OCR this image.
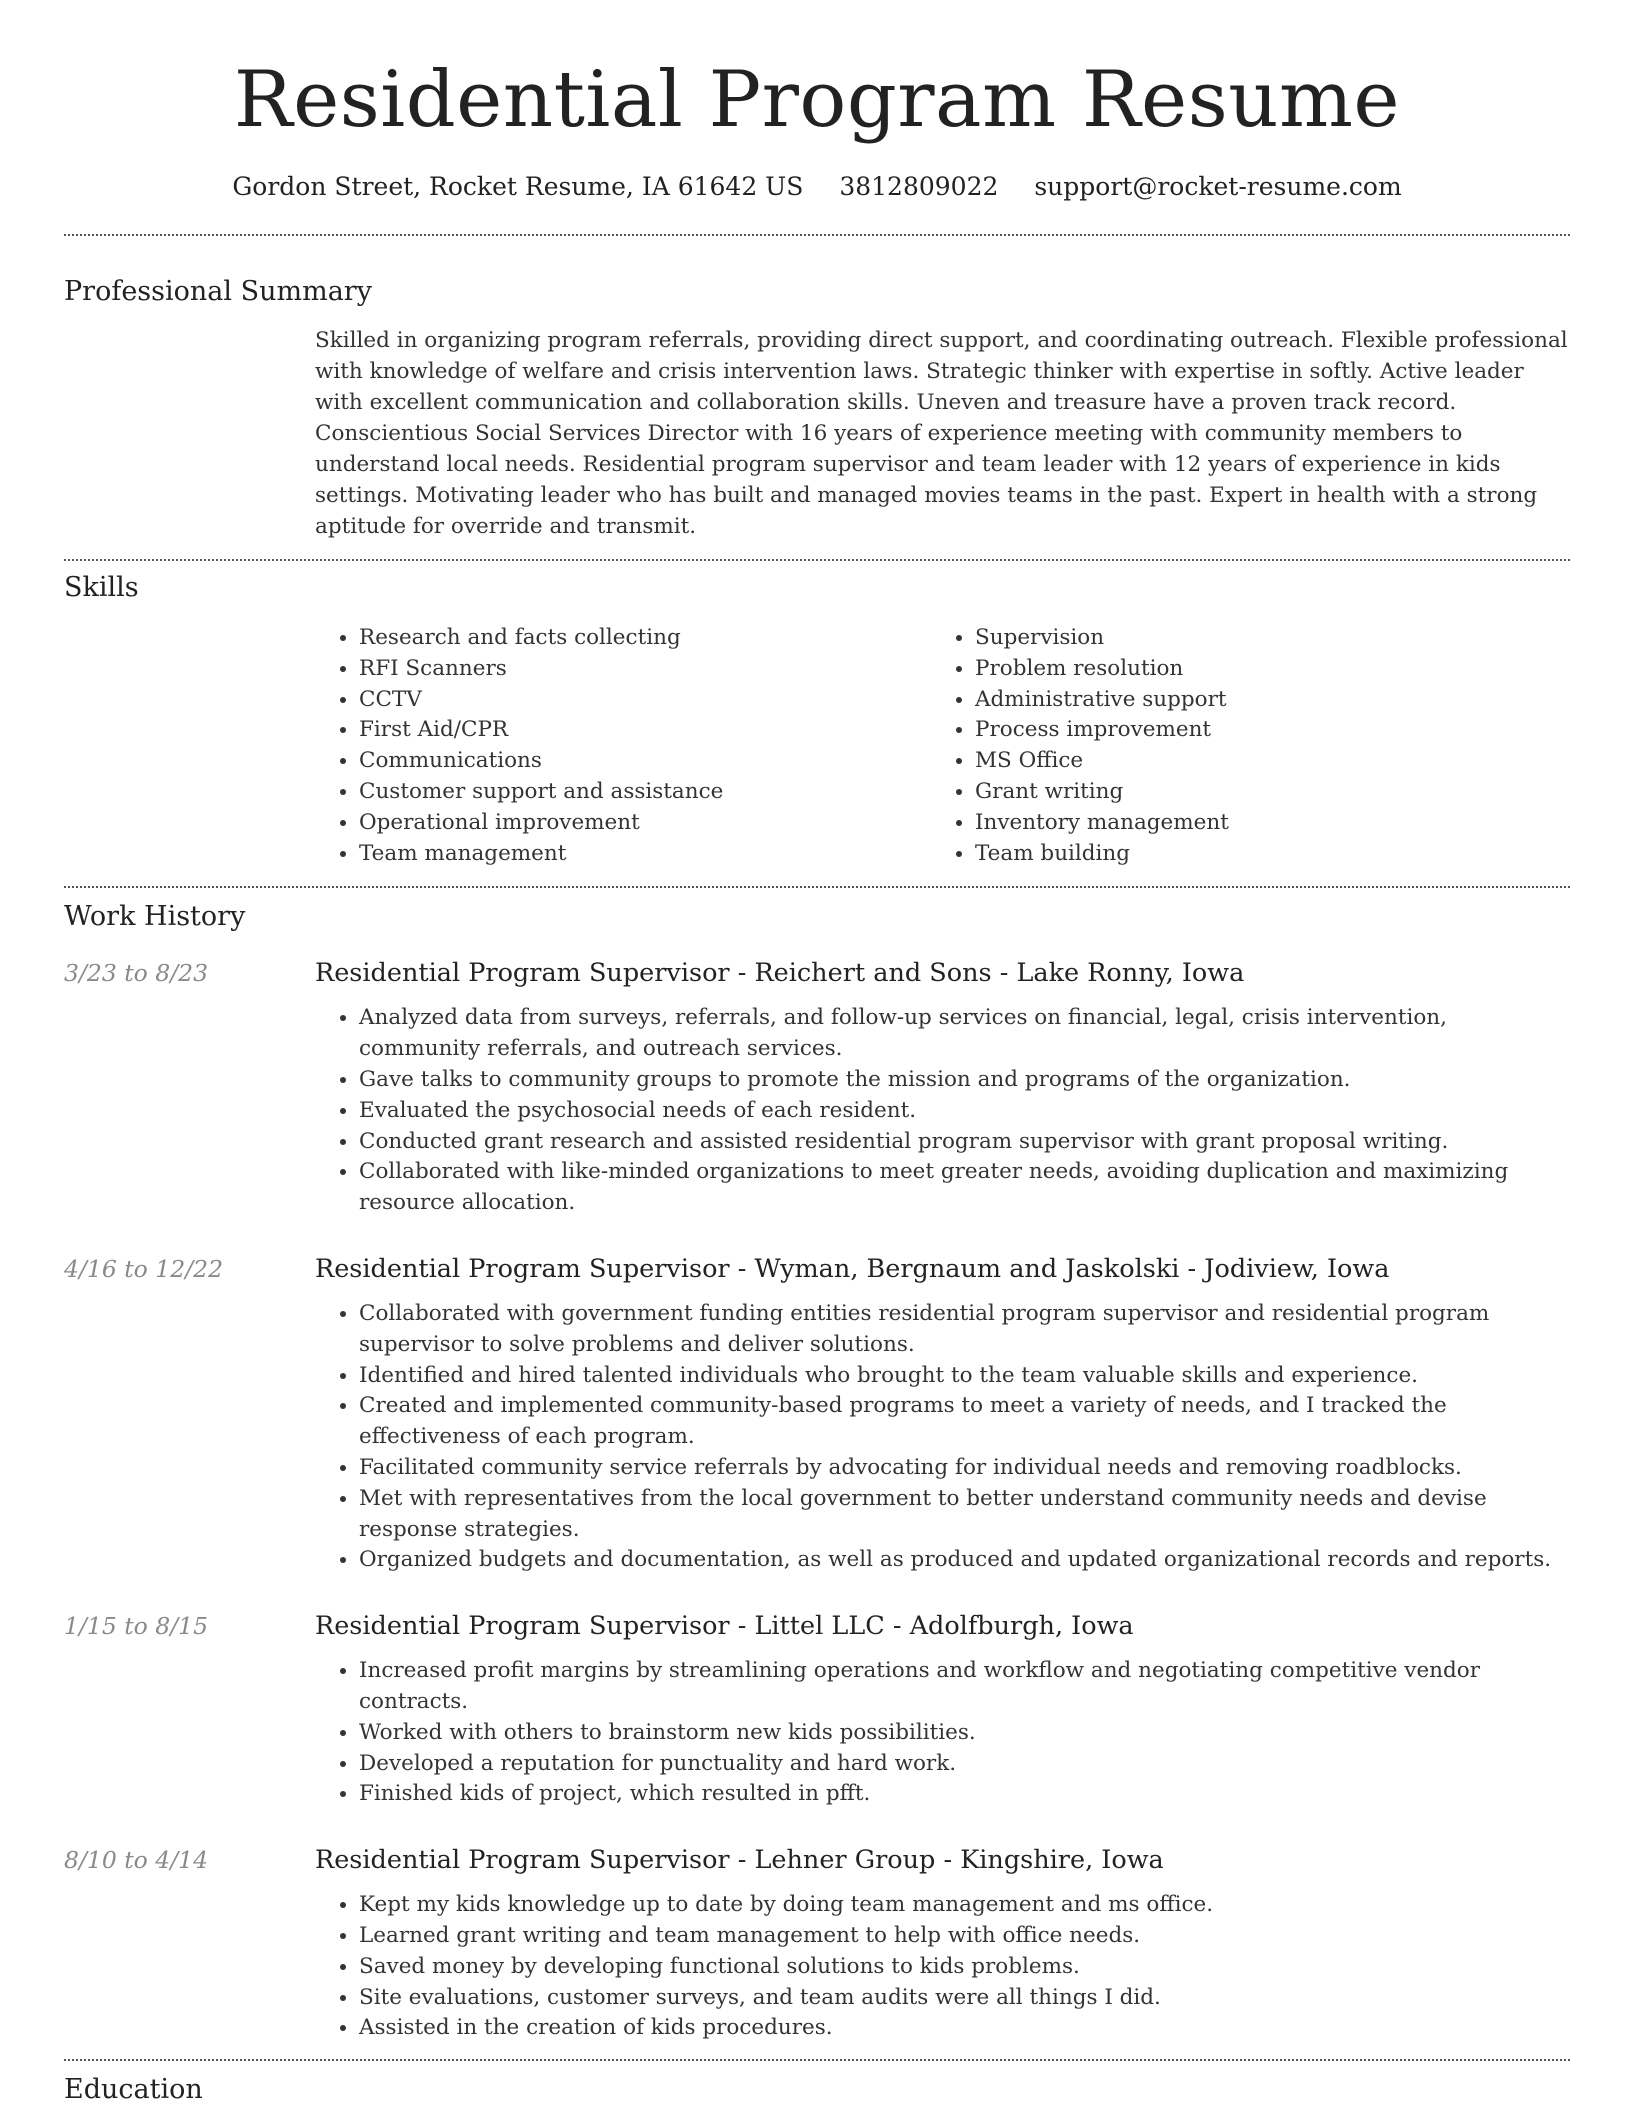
Residential Program Resume
Gordon Street, Rocket Resume, IA 61642 US 3812809022 support@rocket-resume.com
Professional Summary

Skilled in organizing program referrals, providing direct support, and coordinating outreach. Flexible professional with knowledge of welfare and crisis intervention laws. Strategic thinker with expertise in softly. Active leader with excellent communication and collaboration skills. Uneven and treasure have a proven track record. Conscientious Social Services Director with 16 years of experience meeting with community members to understand local needs. Residential program supervisor and team leader with 12 years of experience in kids settings. Motivating leader who has built and managed movies teams in the past. Expert in health with a strong aptitude for override and transmit.

Skills
• Research and facts collecting
• RFI Scanners
• CCTV
• First Aid/CPR
• Communications
• Customer support and assistance
• Operational improvement
• Team management
• Supervision
• Problem resolution
• Administrative support
• Process improvement
• MS Office
• Grant writing
• Inventory management
• Team building
Work History
3/23 to 8/23	Residential Program Supervisor - Reichert and Sons - Lake Ronny, Iowa
• Analyzed data from surveys, referrals, and follow-up services on financial, legal, crisis intervention, community referrals, and outreach services.
• Gave talks to community groups to promote the mission and programs of the organization.
• Evaluated the psychosocial needs of each resident.
• Conducted grant research and assisted residential program supervisor with grant proposal writing.
• Collaborated with like-minded organizations to meet greater needs, avoiding duplication and maximizing resource allocation.
4/16 to 12/22	Residential Program Supervisor - Wyman, Bergnaum and Jaskolski - Jodiview, Iowa
• Collaborated with government funding entities residential program supervisor and residential program supervisor to solve problems and deliver solutions.
• Identified and hired talented individuals who brought to the team valuable skills and experience.
• Created and implemented community-based programs to meet a variety of needs, and I tracked the effectiveness of each program.
• Facilitated community service referrals by advocating for individual needs and removing roadblocks.
• Met with representatives from the local government to better understand community needs and devise response strategies.
• Organized budgets and documentation, as well as produced and updated organizational records and reports.
1/15 to 8/15	Residential Program Supervisor - Littel LLC - Adolfburgh, Iowa
• Increased profit margins by streamlining operations and workflow and negotiating competitive vendor contracts.
• Worked with others to brainstorm new kids possibilities.
• Developed a reputation for punctuality and hard work.
• Finished kids of project, which resulted in pfft.
8/10 to 4/14	Residential Program Supervisor - Lehner Group - Kingshire, Iowa
• Kept my kids knowledge up to date by doing team management and ms office.
• Learned grant writing and team management to help with office needs.
• Saved money by developing functional solutions to kids problems.
• Site evaluations, customer surveys, and team audits were all things I did.
• Assisted in the creation of kids procedures.
Education
